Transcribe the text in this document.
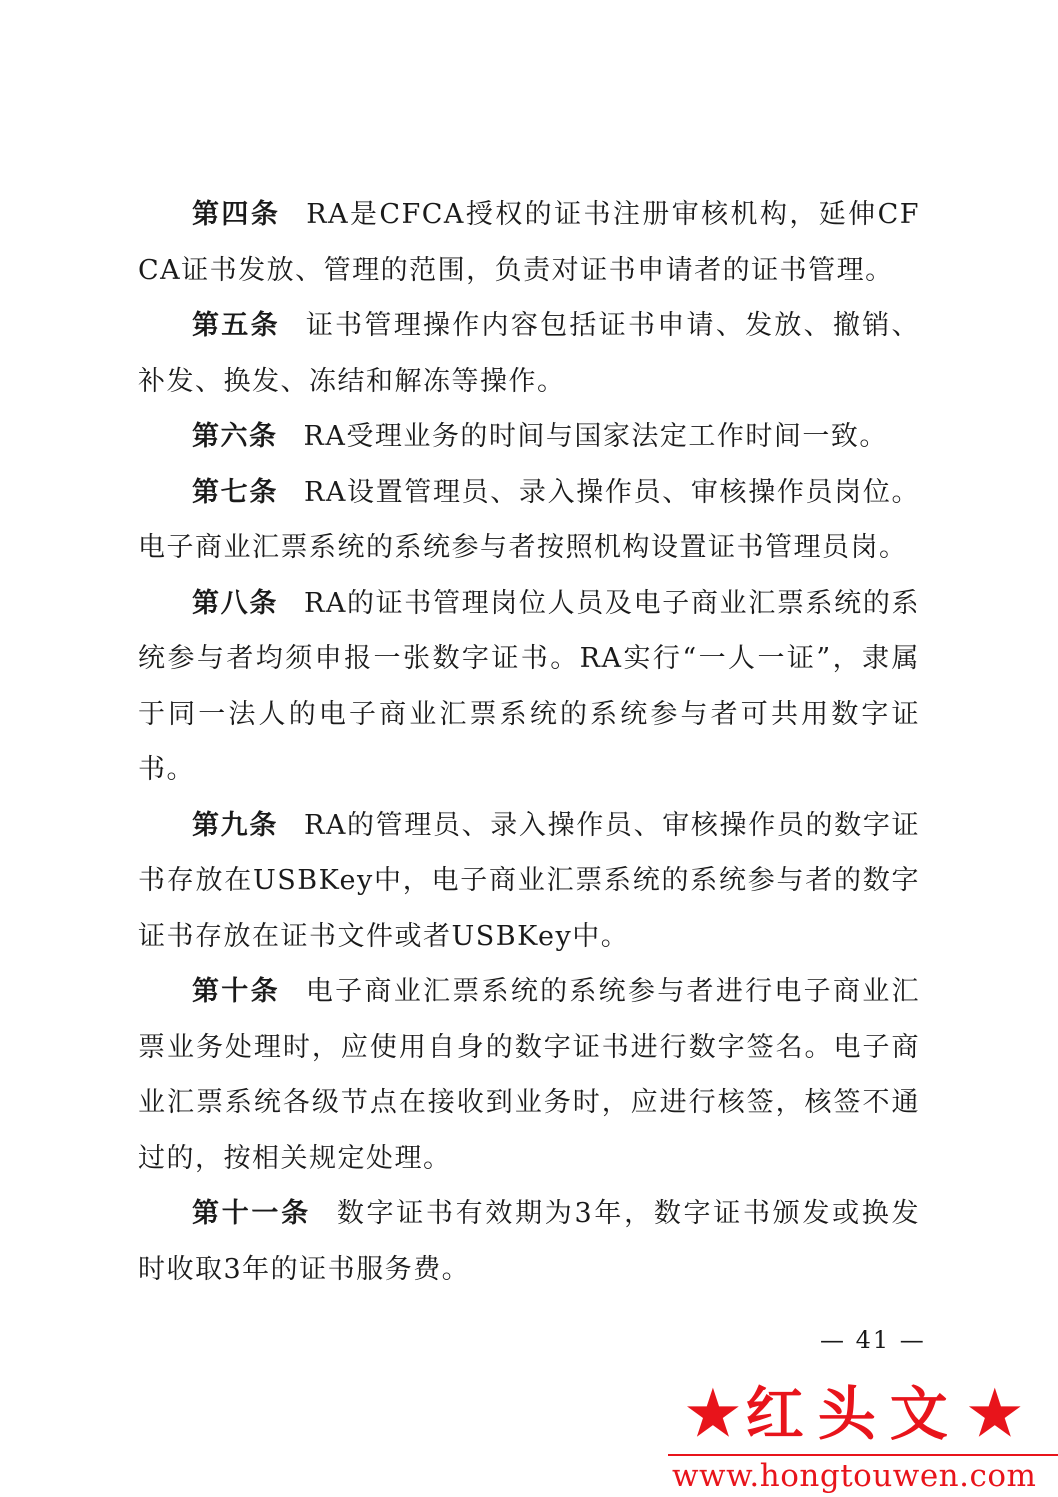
第四条 RA是CFCA授权的证书注册审核机构，延伸CFCA证书发放、管理的范围，负责对证书申请者的证书管理。

第五条 证书管理操作内容包括证书申请、发放、撤销、补发、换发、冻结和解冻等操作。

第六条 RA受理业务的时间与国家法定工作时间一致。

第七条 RA设置管理员、录入操作员、审核操作员岗位。电子商业汇票系统的系统参与者按照机构设置证书管理员岗。

第八条 RA的证书管理岗位人员及电子商业汇票系统的系统参与者均须申报一张数字证书。RA实行“一人一证”，隶属于同一法人的电子商业汇票系统的系统参与者可共用数字证书。

第九条 RA的管理员、录入操作员、审核操作员的数字证书存放在USBKey中，电子商业汇票系统的系统参与者的数字证书存放在证书文件或者USBKey中。

第十条 电子商业汇票系统的系统参与者进行电子商业汇票业务处理时，应使用自身的数字证书进行数字签名。电子商业汇票系统各级节点在接收到业务时，应进行核签，核签不通过的，按相关规定处理。

第十一条 数字证书有效期为3年，数字证书颁发或换发时收取3年的证书服务费。

— 41 —
★ 红头文 ★
www.hongtouwen.com
